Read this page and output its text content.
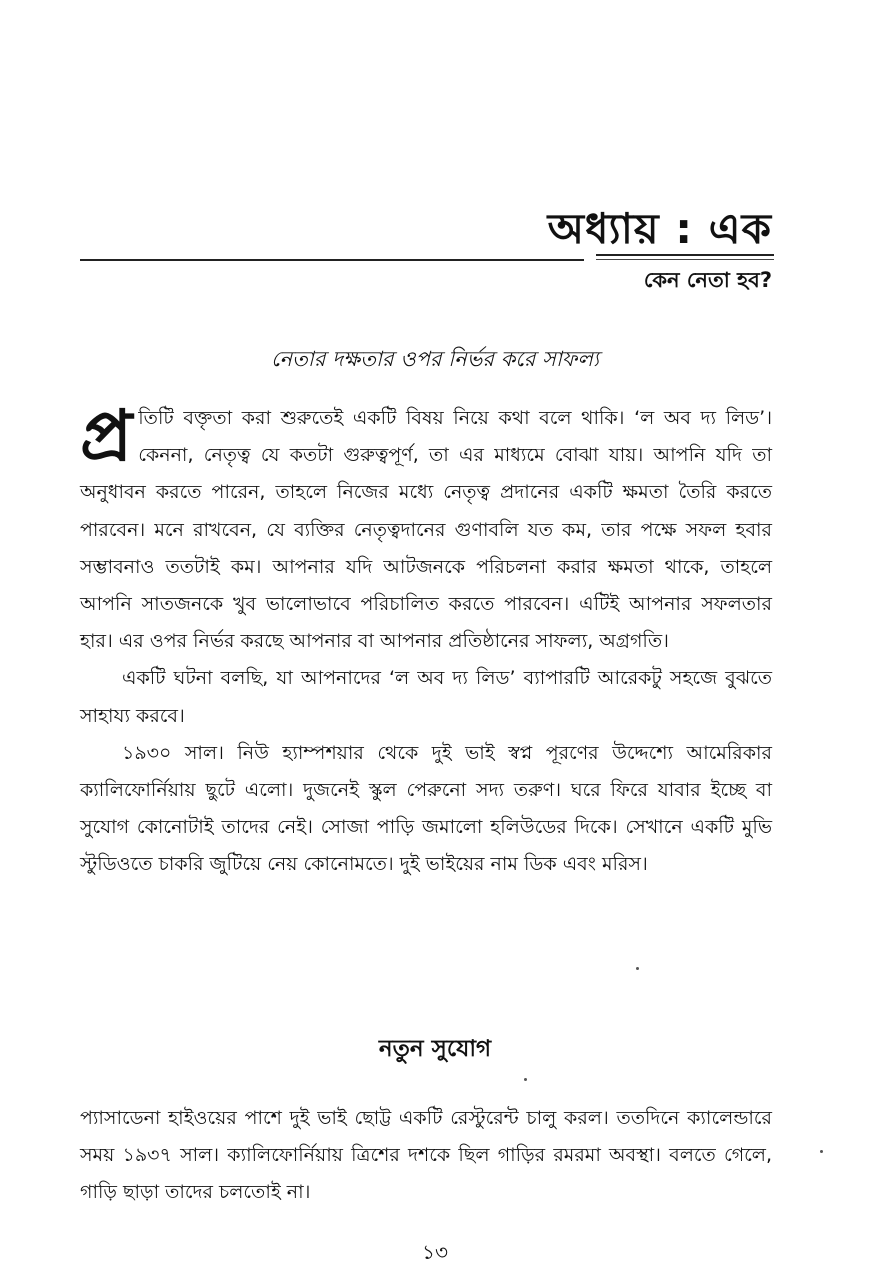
অধ্যায় : এক
কেন নেতা হব?
নেতার দক্ষতার ওপর নির্ভর করে সাফল্য

প্র তিটি বক্তৃতা করা শুরুতেই একটি বিষয় নিয়ে কথা বলে থাকি। ‘ল অব দ্য লিড’। কেননা, নেতৃত্ব যে কতটা গুরুত্বপূর্ণ, তা এর মাধ্যমে বোঝা যায়। আপনি যদি তা অনুধাবন করতে পারেন, তাহলে নিজের মধ্যে নেতৃত্ব প্রদানের একটি ক্ষমতা তৈরি করতে পারবেন। মনে রাখবেন, যে ব্যক্তির নেতৃত্বদানের গুণাবলি যত কম, তার পক্ষে সফল হবার সম্ভাবনাও ততটাই কম। আপনার যদি আটজনকে পরিচলনা করার ক্ষমতা থাকে, তাহলে আপনি সাতজনকে খুব ভালোভাবে পরিচালিত করতে পারবেন। এটিই আপনার সফলতার হার। এর ওপর নির্ভর করছে আপনার বা আপনার প্রতিষ্ঠানের সাফল্য, অগ্রগতি।

একটি ঘটনা বলছি, যা আপনাদের ‘ল অব দ্য লিড’ ব্যাপারটি আরেকটু সহজে বুঝতে সাহায্য করবে।

১৯৩০ সাল। নিউ হ্যাম্পশয়ার থেকে দুই ভাই স্বপ্ন পূরণের উদ্দেশ্যে আমেরিকার ক্যালিফোর্নিয়ায় ছুটে এলো। দুজনেই স্কুল পেরুনো সদ্য তরুণ। ঘরে ফিরে যাবার ইচ্ছে বা সুযোগ কোনোটাই তাদের নেই। সোজা পাড়ি জমালো হলিউডের দিকে। সেখানে একটি মুভি স্টুডিওতে চাকরি জুটিয়ে নেয় কোনোমতে। দুই ভাইয়ের নাম ডিক এবং মরিস।

নতুন সুযোগ

প্যাসাডেনা হাইওয়ের পাশে দুই ভাই ছোট্ট একটি রেস্টুরেন্ট চালু করল। ততদিনে ক্যালেন্ডারে সময় ১৯৩৭ সাল। ক্যালিফোর্নিয়ায় ত্রিশের দশকে ছিল গাড়ির রমরমা অবস্থা। বলতে গেলে, গাড়ি ছাড়া তাদের চলতোই না।

১৩
